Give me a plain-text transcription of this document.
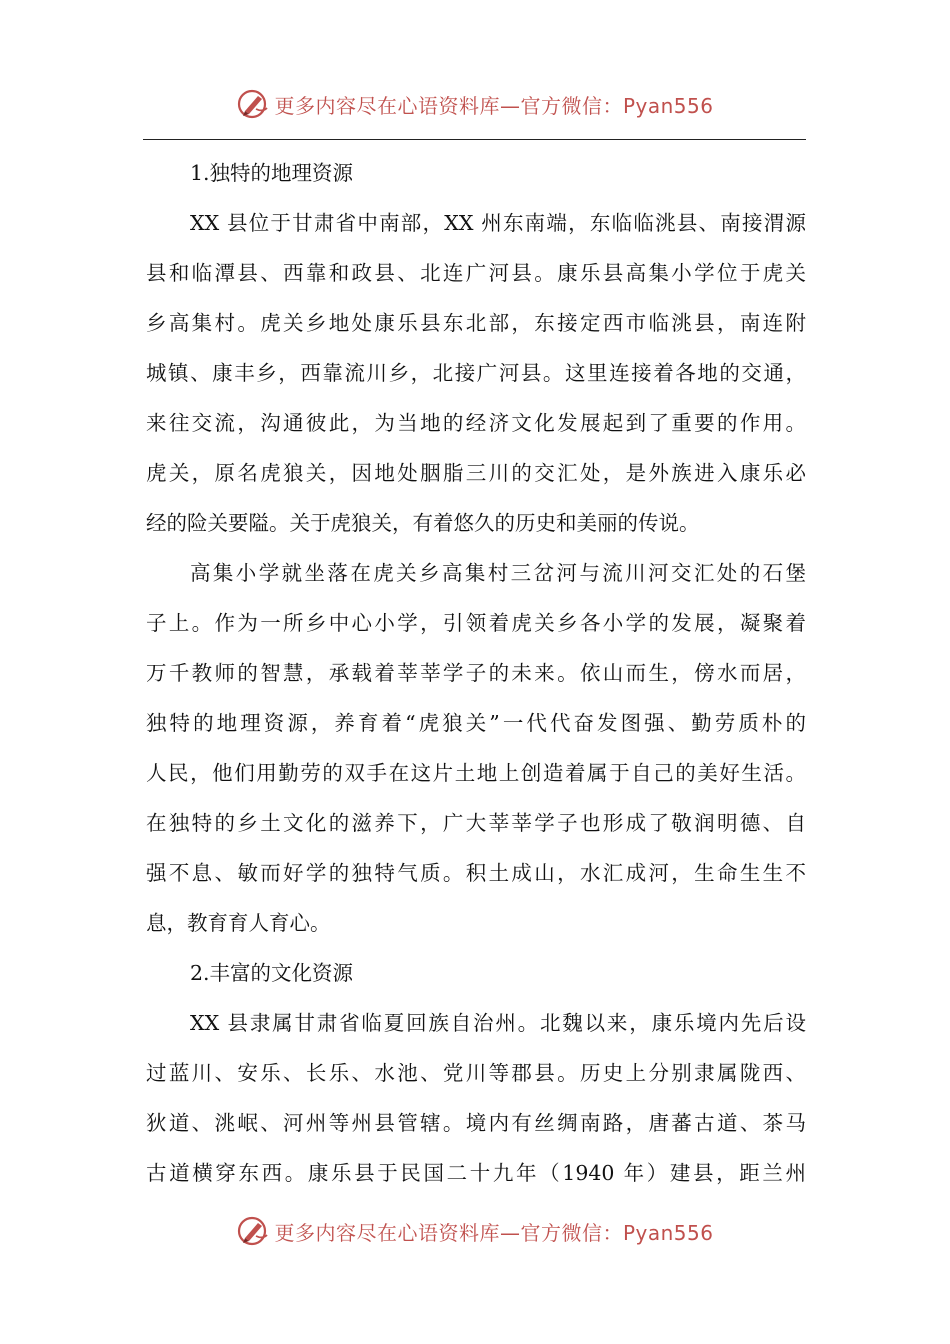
更多内容尽在心语资料库—官方微信：Pyan556
1.独特的地理资源
XX 县位于甘肃省中南部，XX 州东南端，东临临洮县、南接渭源
县和临潭县、西靠和政县、北连广河县。康乐县高集小学位于虎关
乡高集村。虎关乡地处康乐县东北部，东接定西市临洮县，南连附
城镇、康丰乡，西靠流川乡，北接广河县。这里连接着各地的交通，
来往交流，沟通彼此，为当地的经济文化发展起到了重要的作用。
虎关，原名虎狼关，因地处胭脂三川的交汇处，是外族进入康乐必
经的险关要隘。关于虎狼关，有着悠久的历史和美丽的传说。
高集小学就坐落在虎关乡高集村三岔河与流川河交汇处的石堡
子上。作为一所乡中心小学，引领着虎关乡各小学的发展，凝聚着
万千教师的智慧，承载着莘莘学子的未来。依山而生，傍水而居，
独特的地理资源，养育着“虎狼关”一代代奋发图强、勤劳质朴的
人民，他们用勤劳的双手在这片土地上创造着属于自己的美好生活。
在独特的乡土文化的滋养下，广大莘莘学子也形成了敬润明德、自
强不息、敏而好学的独特气质。积土成山，水汇成河，生命生生不
息，教育育人育心。
2.丰富的文化资源
XX 县隶属甘肃省临夏回族自治州。北魏以来，康乐境内先后设
过蓝川、安乐、长乐、水池、党川等郡县。历史上分别隶属陇西、
狄道、洮岷、河州等州县管辖。境内有丝绸南路，唐蕃古道、茶马
古道横穿东西。康乐县于民国二十九年（1940 年）建县，距兰州
更多内容尽在心语资料库—官方微信：Pyan556
